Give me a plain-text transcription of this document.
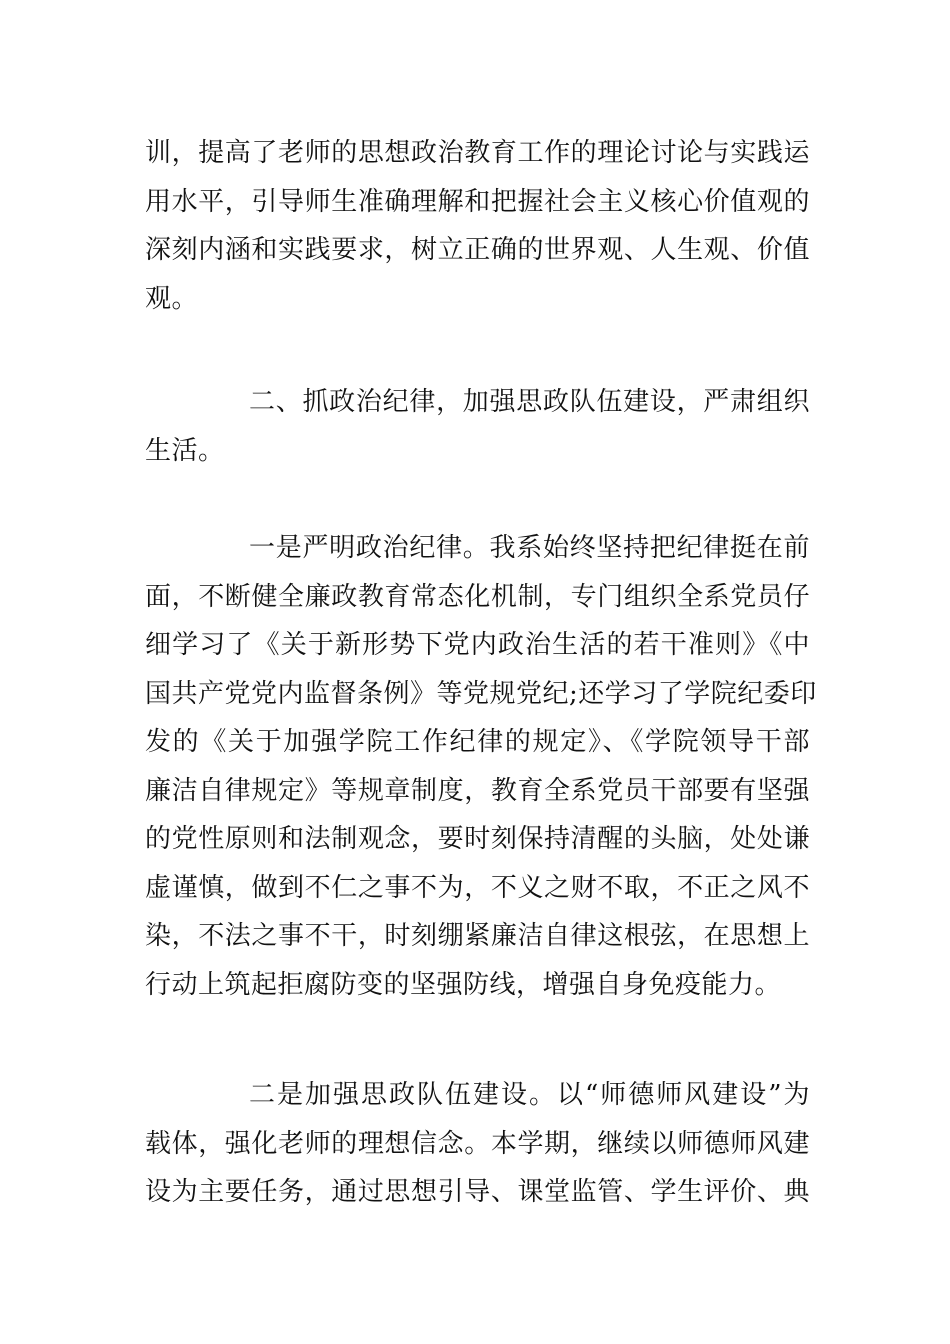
训，提高了老师的思想政治教育工作的理论讨论与实践运
用水平，引导师生准确理解和把握社会主义核心价值观的
深刻内涵和实践要求，树立正确的世界观、人生观、价值
观。
二、抓政治纪律，加强思政队伍建设，严肃组织
生活。
一是严明政治纪律。我系始终坚持把纪律挺在前
面，不断健全廉政教育常态化机制，专门组织全系党员仔
细学习了《关于新形势下党内政治生活的若干准则》《中
国共产党党内监督条例》等党规党纪;还学习了学院纪委印
发的《关于加强学院工作纪律的规定》、《学院领导干部
廉洁自律规定》等规章制度，教育全系党员干部要有坚强
的党性原则和法制观念，要时刻保持清醒的头脑，处处谦
虚谨慎，做到不仁之事不为，不义之财不取，不正之风不
染，不法之事不干，时刻绷紧廉洁自律这根弦，在思想上
行动上筑起拒腐防变的坚强防线，增强自身免疫能力。
二是加强思政队伍建设。以“师德师风建设”为
载体，强化老师的理想信念。本学期，继续以师德师风建
设为主要任务，通过思想引导、课堂监管、学生评价、典
